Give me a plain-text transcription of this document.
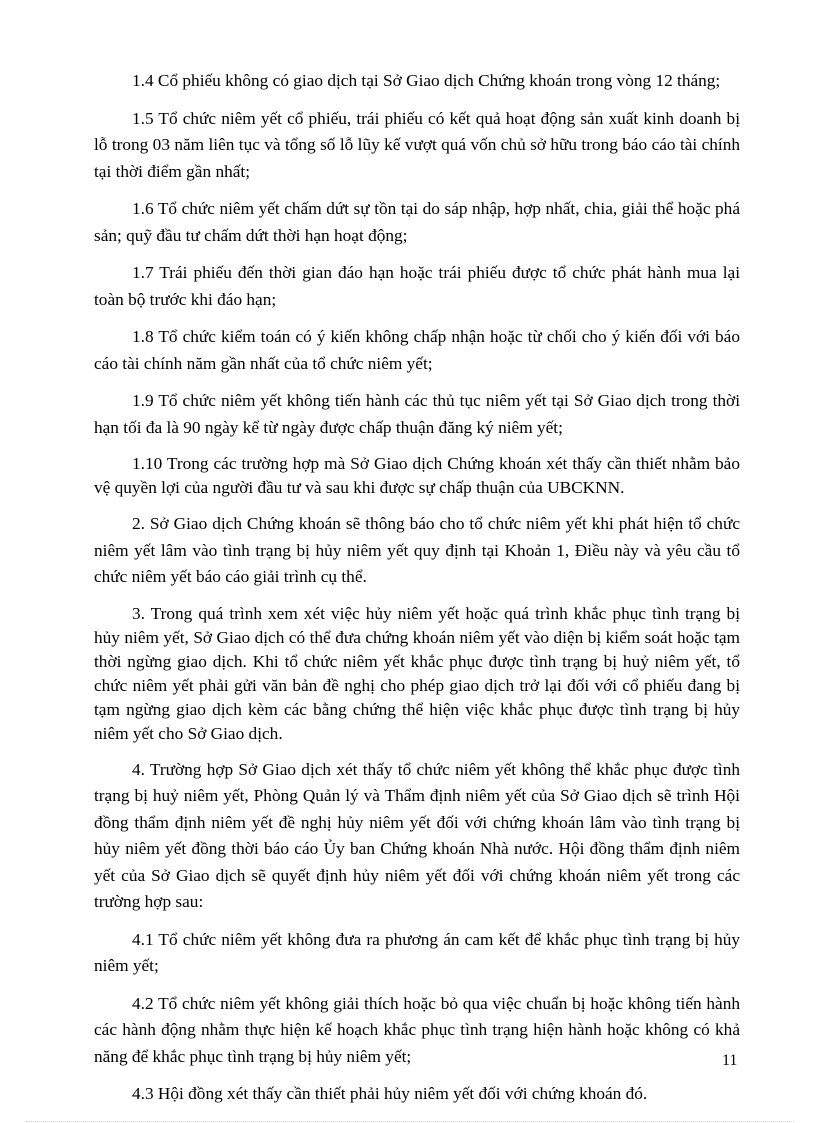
1.4 Cổ phiếu không có giao dịch tại Sở Giao dịch Chứng khoán trong vòng 12 tháng;

1.5 Tổ chức niêm yết cổ phiếu, trái phiếu có kết quả hoạt động sản xuất kinh doanh bị lỗ trong 03 năm liên tục và tổng số lỗ lũy kế vượt quá vốn chủ sở hữu trong báo cáo tài chính tại thời điểm gần nhất;

1.6 Tổ chức niêm yết chấm dứt sự tồn tại do sáp nhập, hợp nhất, chia, giải thể hoặc phá sản; quỹ đầu tư chấm dứt thời hạn hoạt động;

1.7 Trái phiếu đến thời gian đáo hạn hoặc trái phiếu được tổ chức phát hành mua lại toàn bộ trước khi đáo hạn;

1.8 Tổ chức kiểm toán có ý kiến không chấp nhận hoặc từ chối cho ý kiến đối với báo cáo tài chính năm gần nhất của tổ chức niêm yết;

1.9 Tổ chức niêm yết không tiến hành các thủ tục niêm yết tại Sở Giao dịch trong thời hạn tối đa là 90 ngày kể từ ngày được chấp thuận đăng ký niêm yết;

1.10 Trong các trường hợp mà Sở Giao dịch Chứng khoán xét thấy cần thiết nhằm bảo vệ quyền lợi của người đầu tư và sau khi được sự chấp thuận của UBCKNN.

2. Sở Giao dịch Chứng khoán sẽ thông báo cho tổ chức niêm yết khi phát hiện tổ chức niêm yết lâm vào tình trạng bị hủy niêm yết quy định tại Khoản 1, Điều này và yêu cầu tổ chức niêm yết báo cáo giải trình cụ thể.

3. Trong quá trình xem xét việc hủy niêm yết hoặc quá trình khắc phục tình trạng bị hủy niêm yết, Sở Giao dịch có thể đưa chứng khoán niêm yết vào diện bị kiểm soát hoặc tạm thời ngừng giao dịch. Khi tổ chức niêm yết khắc phục được tình trạng bị huỷ niêm yết, tổ chức niêm yết phải gửi văn bản đề nghị cho phép giao dịch trở lại đối với cổ phiếu đang bị tạm ngừng giao dịch kèm các bằng chứng thể hiện việc khắc phục được tình trạng bị hủy niêm yết cho Sở Giao dịch.

4. Trường hợp Sở Giao dịch xét thấy tổ chức niêm yết không thể khắc phục được tình trạng bị huỷ niêm yết, Phòng Quản lý và Thẩm định niêm yết của Sở Giao dịch sẽ trình Hội đồng thẩm định niêm yết đề nghị hủy niêm yết đối với chứng khoán lâm vào tình trạng bị hủy niêm yết đồng thời báo cáo Ủy ban Chứng khoán Nhà nước. Hội đồng thẩm định niêm yết của Sở Giao dịch sẽ quyết định hủy niêm yết đối với chứng khoán niêm yết trong các trường hợp sau:

4.1 Tổ chức niêm yết không đưa ra phương án cam kết để khắc phục tình trạng bị hủy niêm yết;

4.2 Tổ chức niêm yết không giải thích hoặc bỏ qua việc chuẩn bị hoặc không tiến hành các hành động nhằm thực hiện kế hoạch khắc phục tình trạng hiện hành hoặc không có khả năng để khắc phục tình trạng bị hủy niêm yết;

4.3 Hội đồng xét thấy cần thiết phải hủy niêm yết đối với chứng khoán đó.

11
